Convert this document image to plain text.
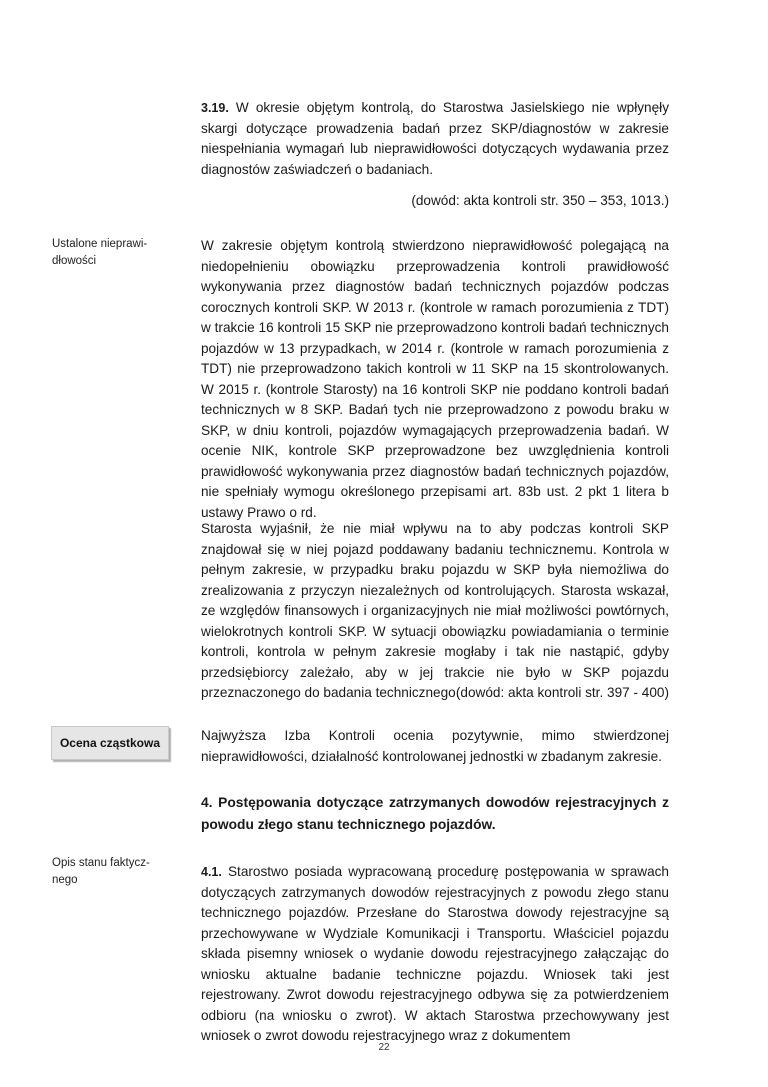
3.19. W okresie objętym kontrolą, do Starostwa Jasielskiego nie wpłynęły skargi dotyczące prowadzenia badań przez SKP/diagnostów w zakresie niespełniania wymagań lub nieprawidłowości dotyczących wydawania przez diagnostów zaświadczeń o badaniach.
(dowód: akta kontroli str. 350 – 353, 1013.)
Ustalone nieprawi-
dłowości
W zakresie objętym kontrolą stwierdzono nieprawidłowość polegającą na niedopełnieniu obowiązku przeprowadzenia kontroli prawidłowość wykonywania przez diagnostów badań technicznych pojazdów podczas corocznych kontroli SKP. W 2013 r. (kontrole w ramach porozumienia z TDT) w trakcie 16 kontroli 15 SKP nie przeprowadzono kontroli badań technicznych pojazdów w 13 przypadkach, w 2014 r. (kontrole w ramach porozumienia z TDT) nie przeprowadzono takich kontroli w 11 SKP na 15 skontrolowanych. W 2015 r. (kontrole Starosty) na 16 kontroli SKP nie poddano kontroli badań technicznych w 8 SKP. Badań tych nie przeprowadzono z powodu braku w SKP, w dniu kontroli, pojazdów wymagających przeprowadzenia badań. W ocenie NIK, kontrole SKP przeprowadzone bez uwzględnienia kontroli prawidłowość wykonywania przez diagnostów badań technicznych pojazdów, nie spełniały wymogu określonego przepisami art. 83b ust. 2 pkt 1 litera b ustawy Prawo o rd.
Starosta wyjaśnił, że nie miał wpływu na to aby podczas kontroli SKP znajdował się w niej pojazd poddawany badaniu technicznemu. Kontrola w pełnym zakresie, w przypadku braku pojazdu w SKP była niemożliwa do zrealizowania z przyczyn niezależnych od kontrolujących. Starosta wskazał, ze względów finansowych i organizacyjnych nie miał możliwości powtórnych, wielokrotnych kontroli SKP. W sytuacji obowiązku powiadamiania o terminie kontroli, kontrola w pełnym zakresie mogłaby i tak nie nastąpić, gdyby przedsiębiorcy zależało, aby w jej trakcie nie było w SKP pojazdu przeznaczonego do badania technicznego.
(dowód: akta kontroli str. 397 - 400)
Ocena cząstkowa	Najwyższa Izba Kontroli ocenia pozytywnie, mimo stwierdzonej nieprawidłowości, działalność kontrolowanej jednostki w zbadanym zakresie.
4. Postępowania dotyczące zatrzymanych dowodów rejestracyjnych z powodu złego stanu technicznego pojazdów.
Opis stanu faktycz-
nego
4.1. Starostwo posiada wypracowaną procedurę postępowania w sprawach dotyczących zatrzymanych dowodów rejestracyjnych z powodu złego stanu technicznego pojazdów. Przesłane do Starostwa dowody rejestracyjne są przechowywane w Wydziale Komunikacji i Transportu. Właściciel pojazdu składa pisemny wniosek o wydanie dowodu rejestracyjnego załączając do wniosku aktualne badanie techniczne pojazdu. Wniosek taki jest rejestrowany. Zwrot dowodu rejestracyjnego odbywa się za potwierdzeniem odbioru (na wniosku o zwrot). W aktach Starostwa przechowywany jest wniosek o zwrot dowodu rejestracyjnego wraz z dokumentem
22
